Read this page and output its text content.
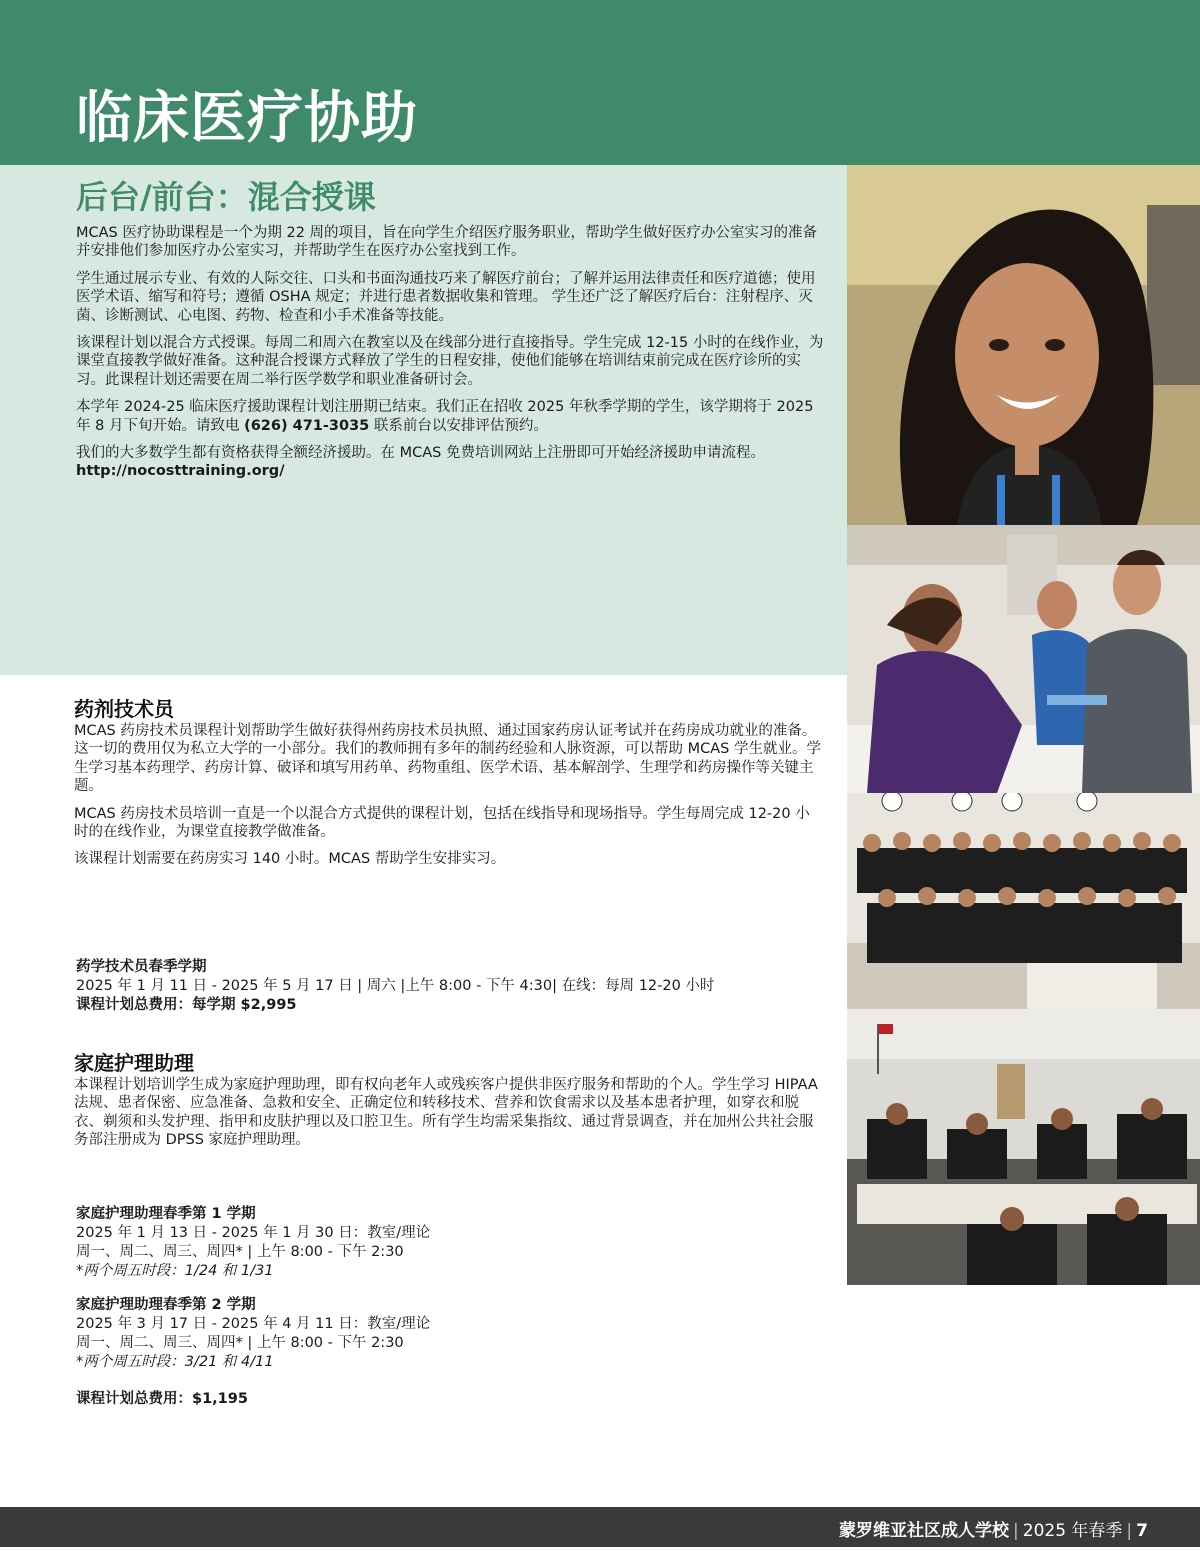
临床医疗协助
后台/前台：混合授课

MCAS 医疗协助课程是一个为期 22 周的项目，旨在向学生介绍医疗服务职业，帮助学生做好医疗办公室实习的准备并安排他们参加医疗办公室实习，并帮助学生在医疗办公室找到工作。

学生通过展示专业、有效的人际交往、口头和书面沟通技巧来了解医疗前台；了解并运用法律责任和医疗道德；使用医学术语、缩写和符号；遵循 OSHA 规定；并进行患者数据收集和管理。 学生还广泛了解医疗后台：注射程序、灭菌、诊断测试、心电图、药物、检查和小手术准备等技能。

该课程计划以混合方式授课。每周二和周六在教室以及在线部分进行直接指导。学生完成 12-15 小时的在线作业，为课堂直接教学做好准备。这种混合授课方式释放了学生的日程安排，使他们能够在培训结束前完成在医疗诊所的实习。此课程计划还需要在周二举行医学数学和职业准备研讨会。

本学年 2024-25 临床医疗援助课程计划注册期已结束。我们正在招收 2025 年秋季学期的学生，该学期将于 2025 年 8 月下旬开始。请致电 (626) 471-3035 联系前台以安排评估预约。

我们的大多数学生都有资格获得全额经济援助。在 MCAS 免费培训网站上注册即可开始经济援助申请流程。http://nocosttraining.org/

药剂技术员

MCAS 药房技术员课程计划帮助学生做好获得州药房技术员执照、通过国家药房认证考试并在药房成功就业的准备。这一切的费用仅为私立大学的一小部分。我们的教师拥有多年的制药经验和人脉资源，可以帮助 MCAS 学生就业。学生学习基本药理学、药房计算、破译和填写用药单、药物重组、医学术语、基本解剖学、生理学和药房操作等关键主题。

MCAS 药房技术员培训一直是一个以混合方式提供的课程计划，包括在线指导和现场指导。学生每周完成 12-20 小时的在线作业，为课堂直接教学做准备。

该课程计划需要在药房实习 140 小时。MCAS 帮助学生安排实习。

药学技术员春季学期
2025 年 1 月 11 日 - 2025 年 5 月 17 日 | 周六 |上午 8:00 - 下午 4:30| 在线：每周 12-20 小时
课程计划总费用：每学期 $2,995
家庭护理助理
本课程计划培训学生成为家庭护理助理，即有权向老年人或残疾客户提供非医疗服务和帮助的个人。学生学习 HIPAA 法规、患者保密、应急准备、急救和安全、正确定位和转移技术、营养和饮食需求以及基本患者护理，如穿衣和脱衣、剃须和头发护理、指甲和皮肤护理以及口腔卫生。所有学生均需采集指纹、通过背景调查，并在加州公共社会服务部注册成为 DPSS 家庭护理助理。
家庭护理助理春季第 1 学期
2025 年 1 月 13 日 - 2025 年 1 月 30 日：教室/理论
周一、周二、周三、周四* | 上午 8:00 - 下午 2:30
*两个周五时段：1/24 和 1/31
家庭护理助理春季第 2 学期
2025 年 3 月 17 日 - 2025 年 4 月 11 日：教室/理论
周一、周二、周三、周四* | 上午 8:00 - 下午 2:30
*两个周五时段：3/21 和 4/11
课程计划总费用：$1,195
蒙罗维亚社区成人学校 | 2025 年春季 | 7
